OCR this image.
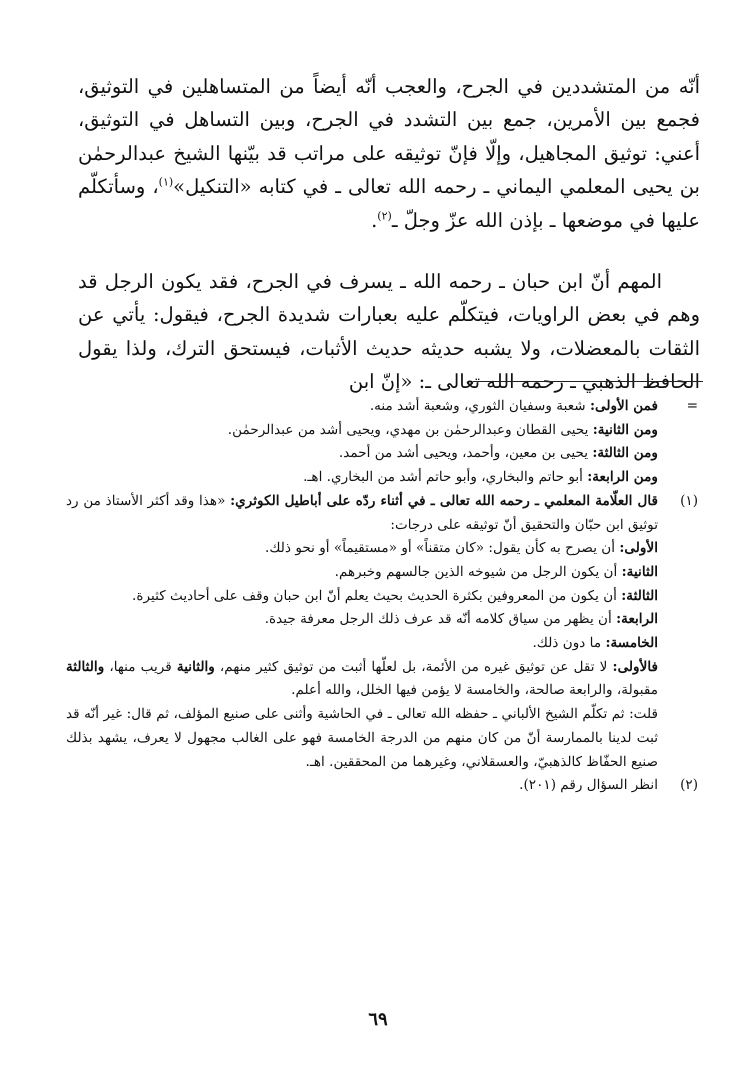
أنّه من المتشددين في الجرح، والعجب أنّه أيضاً من المتساهلين في التوثيق، فجمع بين الأمرين، جمع بين التشدد في الجرح، وبين التساهل في التوثيق، أعني: توثيق المجاهيل، وإلّا فإنّ توثيقه على مراتب قد بيّنها الشيخ عبدالرحمٰن بن يحيى المعلمي اليماني ـ رحمه الله تعالى ـ في كتابه «التنكيل»$^{(١)}$، وسأتكلّم عليها في موضعها ـ بإذن الله عزّ وجلّ ـ$^{(٢)}$.

المهم أنّ ابن حبان ـ رحمه الله ـ يسرف في الجرح، فقد يكون الرجل قد وهم في بعض الراويات، فيتكلّم عليه بعبارات شديدة الجرح، فيقول: يأتي عن الثقات بالمعضلات، ولا يشبه حديثه حديث الأثبات، فيستحق الترك، ولذا يقول الحافظ الذهبي ـ رحمه الله تعالى ـ: «إنّ ابن

=فمن الأولى: شعبة وسفيان الثوري، وشعبة أشد منه.

ومن الثانية: يحيى القطان وعبدالرحمٰن بن مهدي، ويحيى أشد من عبدالرحمٰن.

ومن الثالثة: يحيى بن معين، وأحمد، ويحيى أشد من أحمد.

ومن الرابعة: أبو حاتم والبخاري، وأبو حاتم أشد من البخاري. اهـ.

(١)

قال العلّامة المعلمي ـ رحمه الله تعالى ـ في أثناء ردّه على أباطيل الكوثري: «هذا وقد أكثر الأستاذ من رد توثيق ابن حبّان والتحقيق أنّ توثيقه على درجات:

الأولى: أن يصرح به كأن يقول: «كان متقناً» أو «مستقيماً» أو نحو ذلك.

الثانية: أن يكون الرجل من شيوخه الذين جالسهم وخبرهم.

الثالثة: أن يكون من المعروفين بكثرة الحديث بحيث يعلم أنّ ابن حبان وقف على أحاديث كثيرة.

الرابعة: أن يظهر من سياق كلامه أنّه قد عرف ذلك الرجل معرفة جيدة.

الخامسة: ما دون ذلك.

فالأولى: لا تقل عن توثيق غيره من الأئمة، بل لعلّها أثبت من توثيق كثير منهم، والثانية قريب منها، والثالثة مقبولة، والرابعة صالحة، والخامسة لا يؤمن فيها الخلل، والله أعلم.

قلت: ثم تكلّم الشيخ الألباني ـ حفظه الله تعالى ـ في الحاشية وأثنى على صنيع المؤلف، ثم قال: غير أنّه قد ثبت لدينا بالممارسة أنّ من كان منهم من الدرجة الخامسة فهو على الغالب مجهول لا يعرف، يشهد بذلك صنيع الحفّاظ كالذهبيّ، والعسقلاني، وغيرهما من المحققين. اهـ.

(٢)
انظر السؤال رقم (٢٠١).
٦٩
